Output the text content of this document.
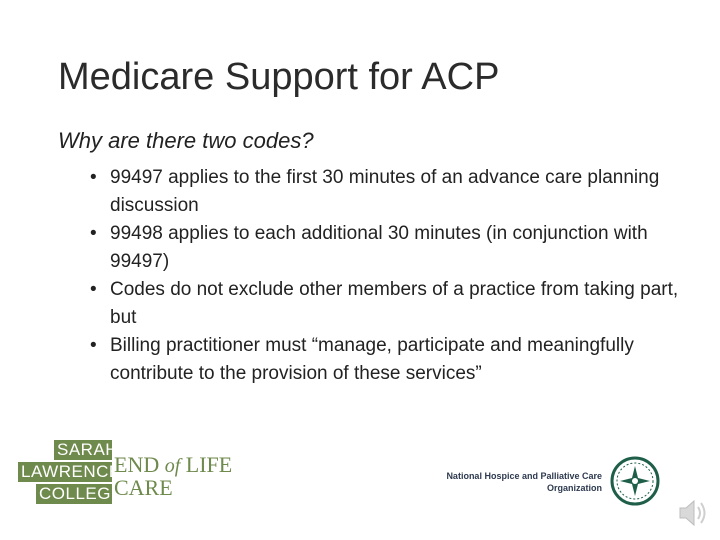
Medicare Support for ACP
Why are there two codes?
• 99497 applies to the first 30 minutes of an advance care planning discussion
• 99498 applies to each additional 30 minutes (in conjunction with 99497)
• Codes do not exclude other members of a practice from taking part, but
• Billing practitioner must “manage, participate and meaningfully contribute to the provision of these services”
SARAH
LAWRENCE
COLLEGE
END of LIFE
CARE	National Hospice and Palliative Care
Organization
